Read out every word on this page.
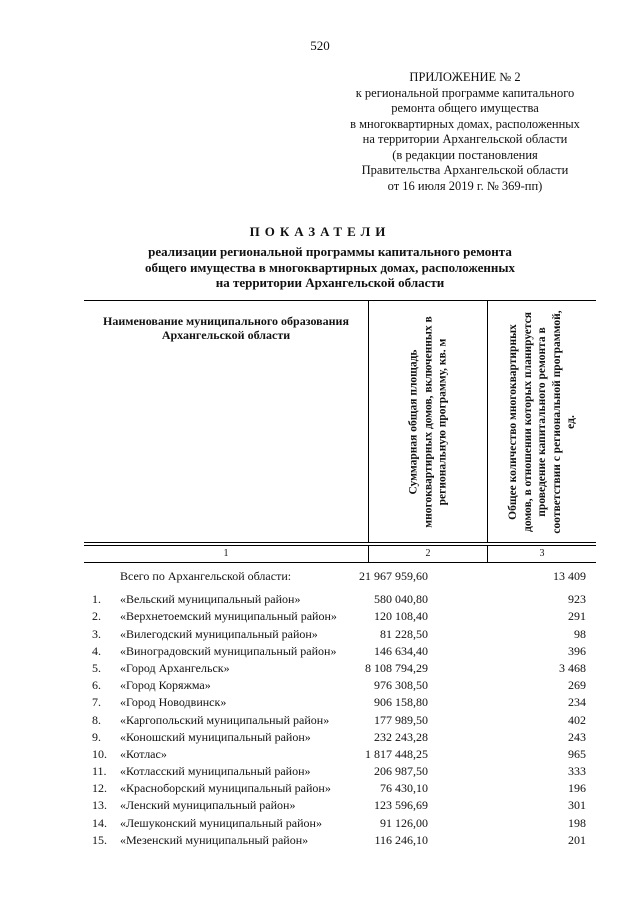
520
ПРИЛОЖЕНИЕ № 2
к региональной программе капитального
ремонта общего имущества
в многоквартирных домах, расположенных
на территории Архангельской области
(в редакции постановления
Правительства Архангельской области
от 16 июля 2019 г. № 369-пп)
ПОКАЗАТЕЛИ
реализации региональной программы капитального ремонта
общего имущества в многоквартирных домах, расположенных
на территории Архангельской области
Наименование муниципального образования Архангельской области
Суммарная общая площадь многоквартирных домов, включенных в региональную программу, кв. м	Общее количество многоквартирных домов, в отношении которых планируется проведение капитального ремонта в соответствии с региональной программой, ед.
1	2	3
Всего по Архангельской области:	21 967 959,60	13 409
1. «Вельский муниципальный район»	580 040,80	923
2. «Верхнетоемский муниципальный район»	120 108,40	291
3. «Вилегодский муниципальный район»	81 228,50	98
4. «Виноградовский муниципальный район»	146 634,40	396
5. «Город Архангельск»	8 108 794,29	3 468
6. «Город Коряжма»	976 308,50	269
7. «Город Новодвинск»	906 158,80	234
8. «Каргопольский муниципальный район»	177 989,50	402
9. «Коношский муниципальный район»	232 243,28	243
10. «Котлас»	1 817 448,25	965
11. «Котласский муниципальный район»	206 987,50	333
12. «Красноборский муниципальный район»	76 430,10	196
13. «Ленский муниципальный район»	123 596,69	301
14. «Лешуконский муниципальный район»	91 126,00	198
15. «Мезенский муниципальный район»	116 246,10	201
